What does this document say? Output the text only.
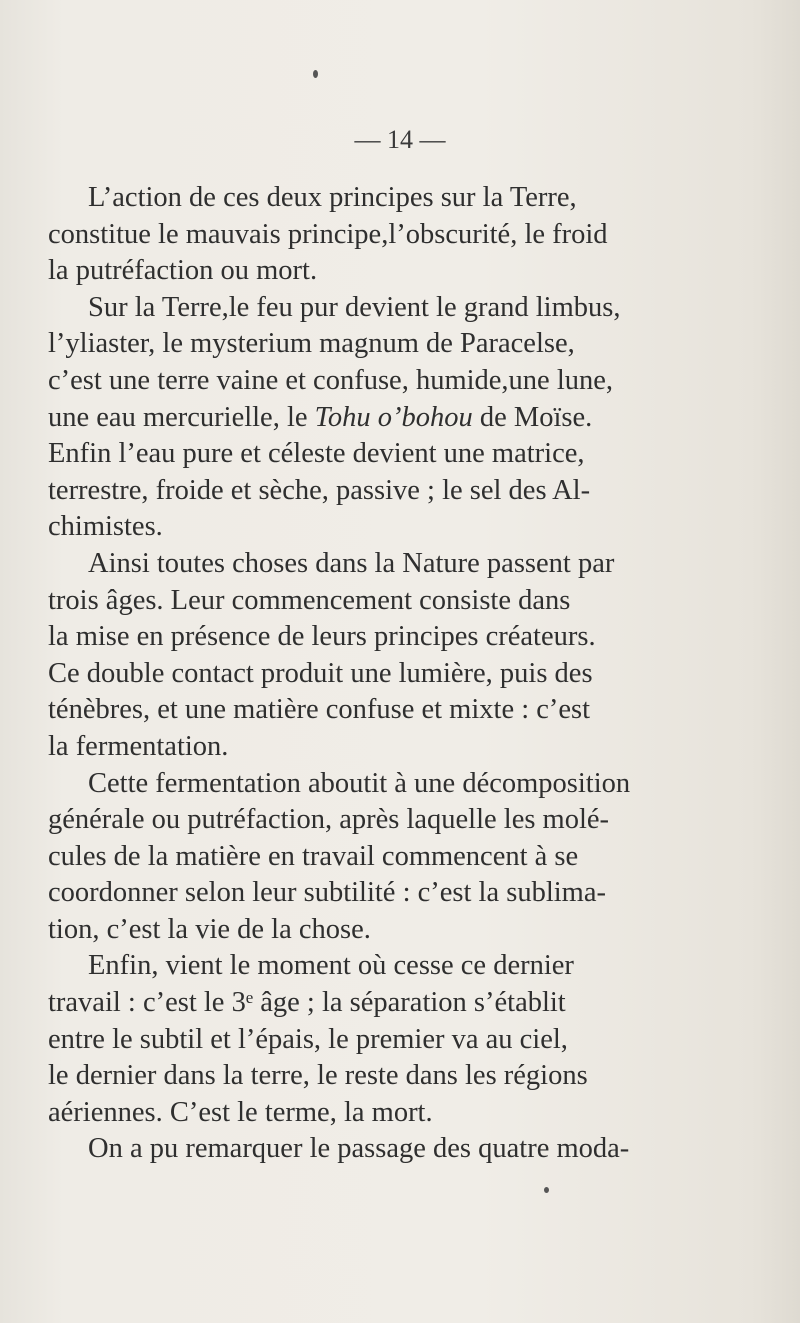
— 14 —
L’action de ces deux principes sur la Terre,
constitue le mauvais principe,l’obscurité, le froid
la putréfaction ou mort.
Sur la Terre,le feu pur devient le grand limbus,
l’yliaster, le mysterium magnum de Paracelse,
c’est une terre vaine et confuse, humide,une lune,
une eau mercurielle, le Tohu o’bohou de Moïse.
Enfin l’eau pure et céleste devient une matrice,
terrestre, froide et sèche, passive ; le sel des Al-
chimistes.
Ainsi toutes choses dans la Nature passent par
trois âges. Leur commencement consiste dans
la mise en présence de leurs principes créateurs.
Ce double contact produit une lumière, puis des
ténèbres, et une matière confuse et mixte : c’est
la fermentation.
Cette fermentation aboutit à une décomposition
générale ou putréfaction, après laquelle les molé-
cules de la matière en travail commencent à se
coordonner selon leur subtilité : c’est la sublima-
tion, c’est la vie de la chose.
Enfin, vient le moment où cesse ce dernier
travail : c’est le 3ᵉ âge ; la séparation s’établit
entre le subtil et l’épais, le premier va au ciel,
le dernier dans la terre, le reste dans les régions
aériennes. C’est le terme, la mort.
On a pu remarquer le passage des quatre moda-
